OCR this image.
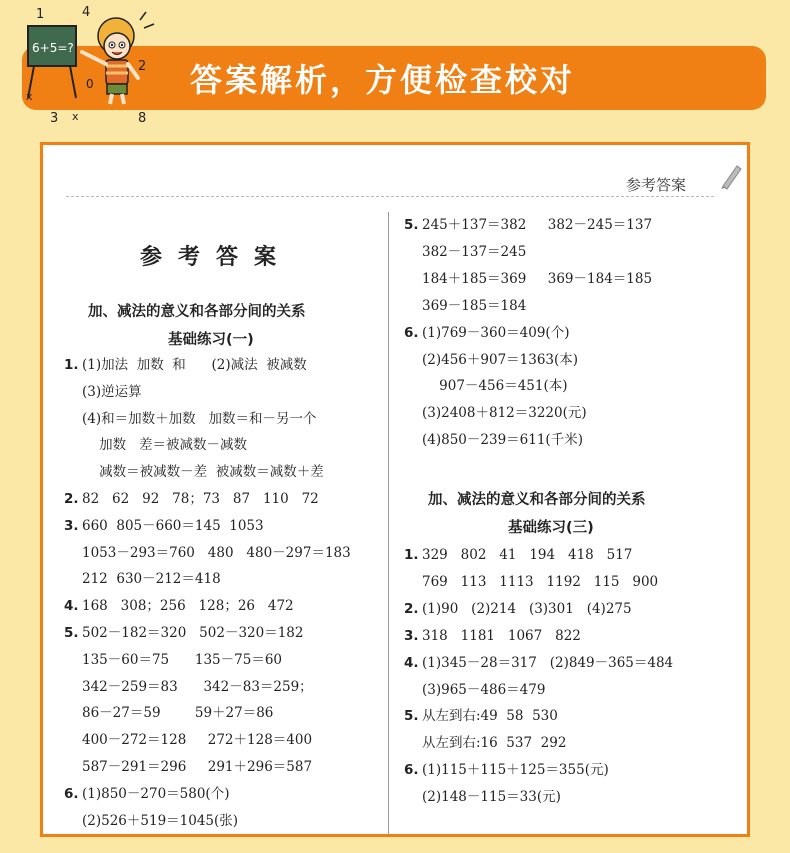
答案解析，方便检查校对
6+5=?
1	4
2
0
3	8
x
x
参考答案
参考答案
加、减法的意义和各部分间的关系
基础练习(一)
1. (1)加法  加数  和      (2)减法  被减数
(3)逆运算
(4)和＝加数＋加数   加数＝和－另一个
加数   差＝被减数－减数
减数＝被减数－差  被减数＝减数＋差
2. 82   62   92   78；73   87   110   72
3. 660  805－660＝145  1053
1053－293＝760   480   480－297＝183
212  630－212＝418
4. 168   308；256   128；26   472
5. 502－182＝320   502－320＝182
135－60＝75      135－75＝60
342－259＝83      342－83＝259；
86－27＝59        59＋27＝86
400－272＝128     272＋128＝400
587－291＝296     291＋296＝587
6. (1)850－270＝580(个)
(2)526＋519＝1045(张)
5. 245＋137＝382     382－245＝137
382－137＝245
184＋185＝369     369－184＝185
369－185＝184
6. (1)769－360＝409(个)
(2)456＋907＝1363(本)
907－456＝451(本)
(3)2408＋812＝3220(元)
(4)850－239＝611(千米)
加、减法的意义和各部分间的关系
基础练习(三)
1. 329   802   41   194   418   517
769   113   1113   1192   115   900
2. (1)90   (2)214   (3)301   (4)275
3. 318   1181   1067   822
4. (1)345－28＝317   (2)849－365＝484
(3)965－486＝479
5. 从左到右:49  58  530
从左到右:16  537  292
6. (1)115＋115＋125＝355(元)
(2)148－115＝33(元)
